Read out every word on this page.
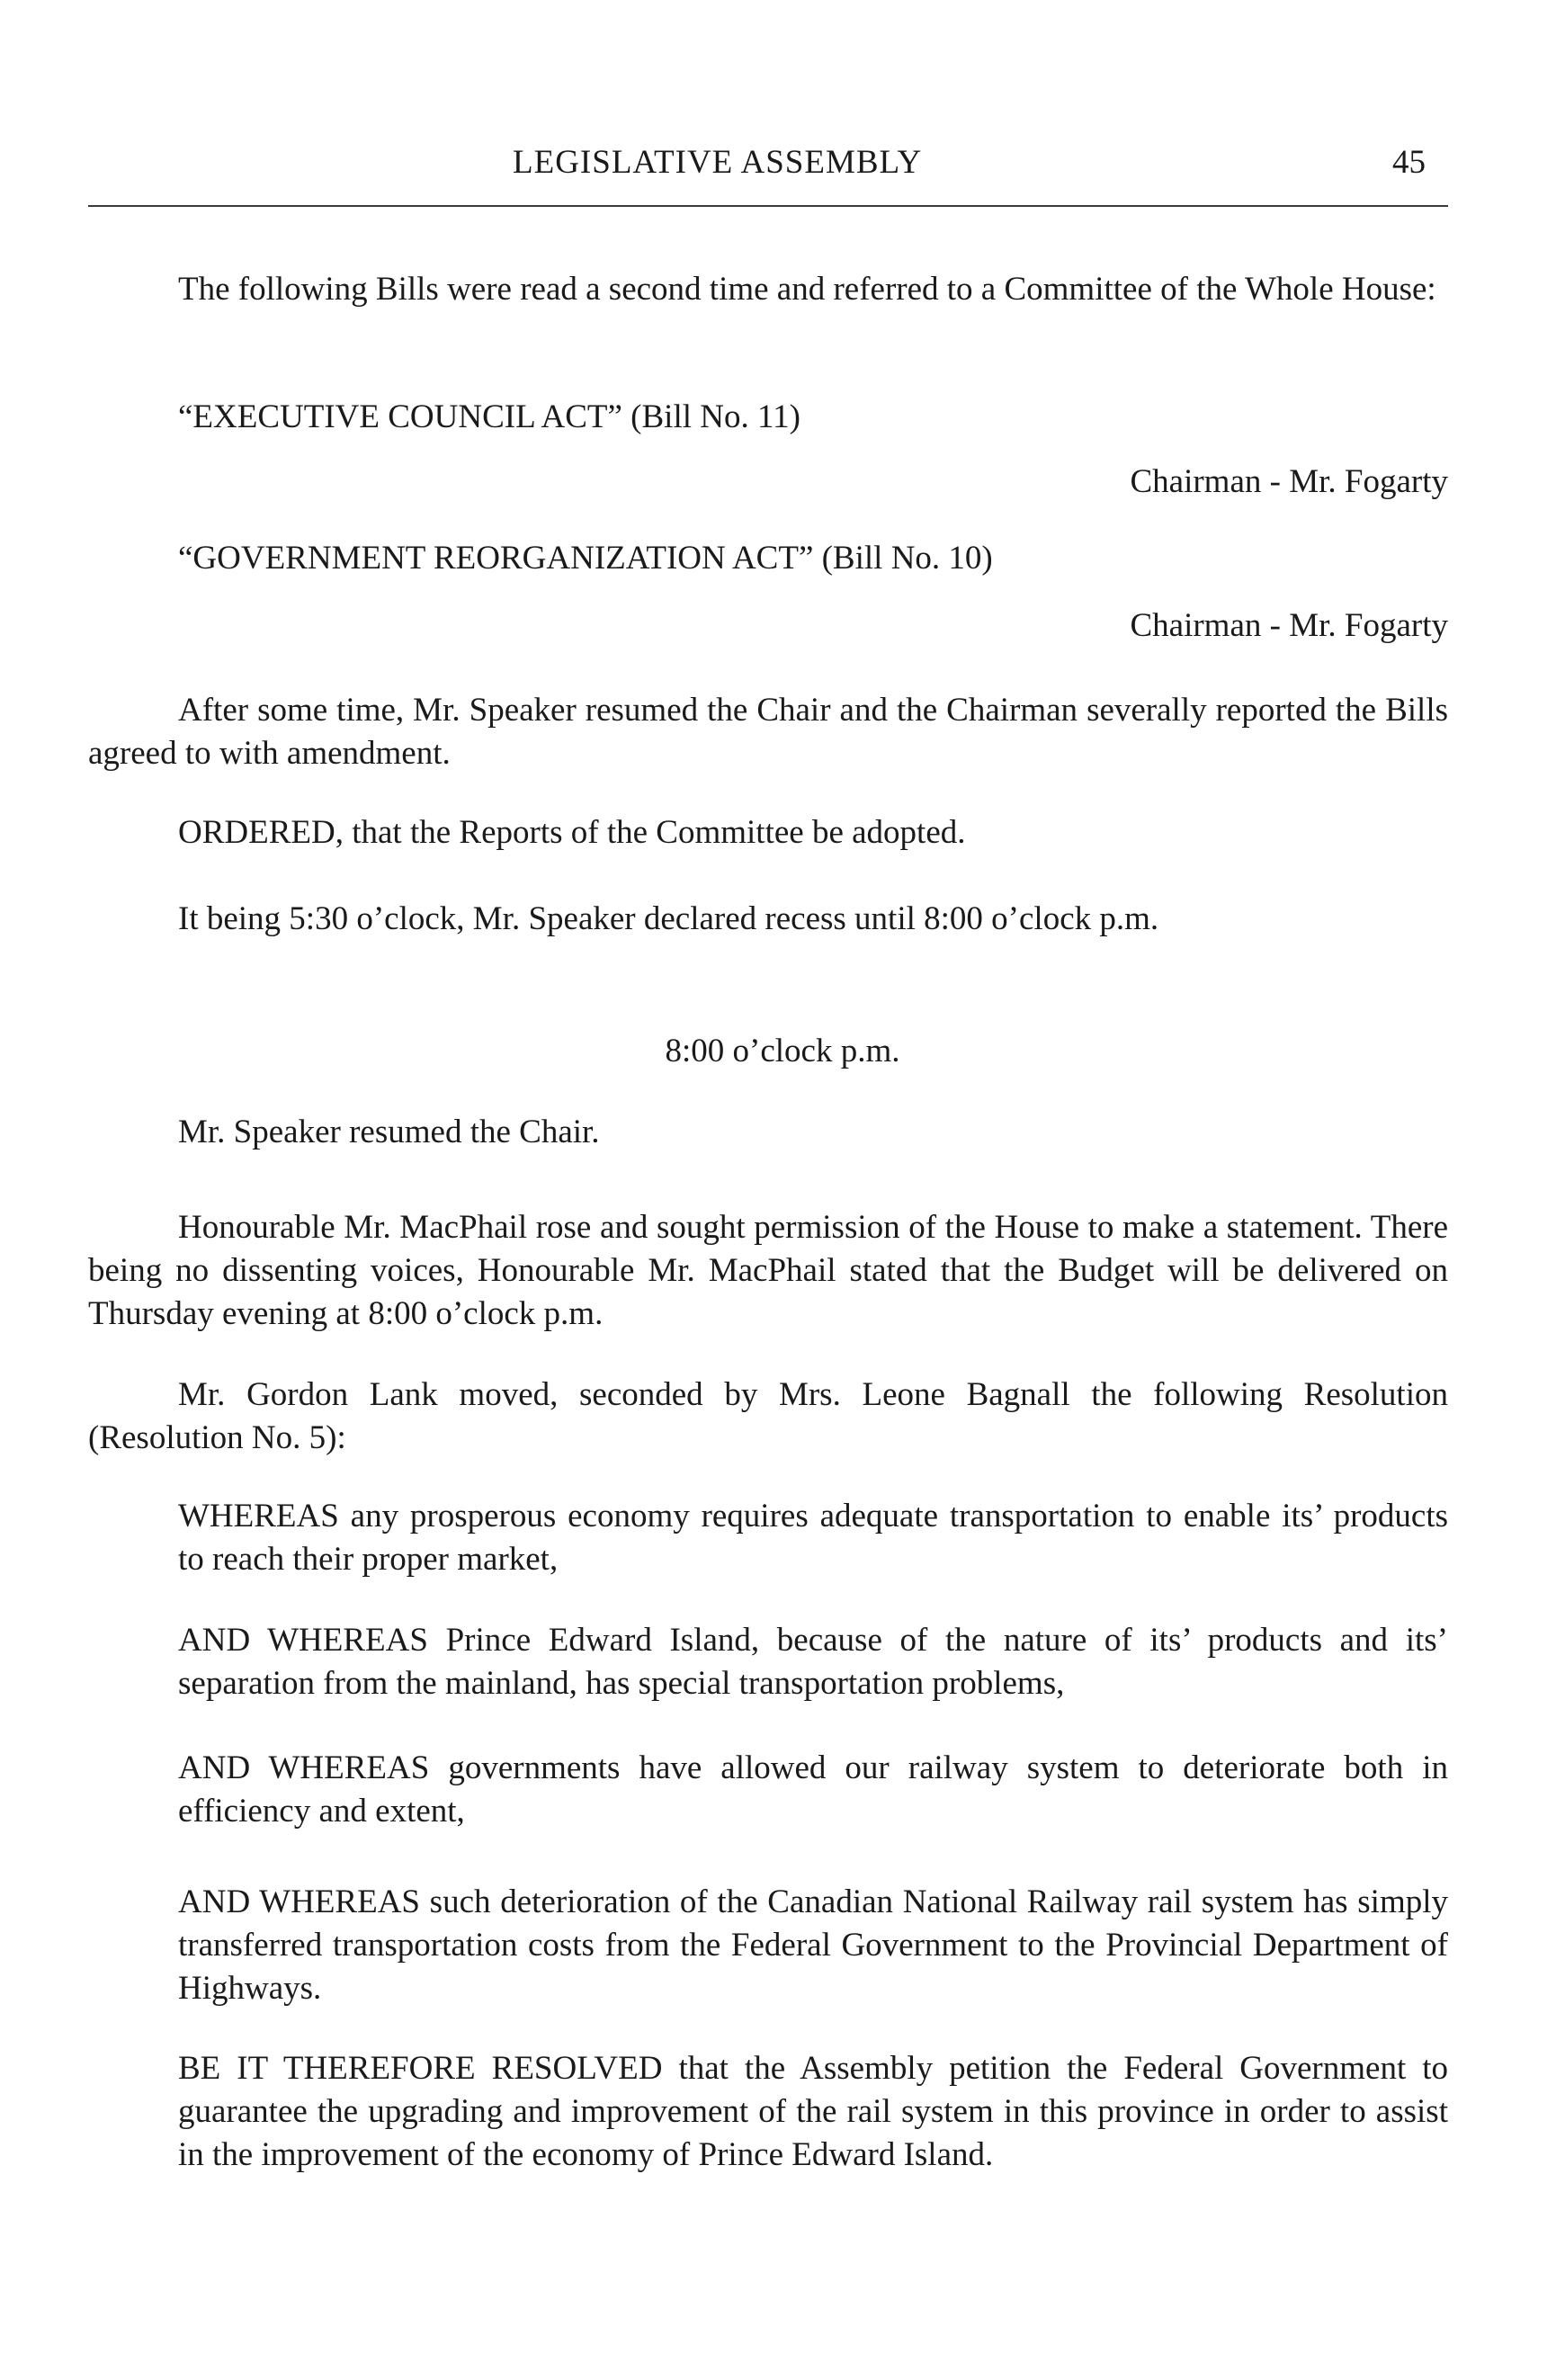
LEGISLATIVE ASSEMBLY	45

The following Bills were read a second time and referred to a Committee of the Whole House:

“EXECUTIVE COUNCIL ACT” (Bill No. 11)

Chairman - Mr. Fogarty

“GOVERNMENT REORGANIZATION ACT” (Bill No. 10)

Chairman - Mr. Fogarty

After some time, Mr. Speaker resumed the Chair and the Chairman severally reported the Bills agreed to with amendment.

ORDERED, that the Reports of the Committee be adopted.

It being 5:30 o’clock, Mr. Speaker declared recess until 8:00 o’clock p.m.

8:00 o’clock p.m.

Mr. Speaker resumed the Chair.

Honourable Mr. MacPhail rose and sought permission of the House to make a statement. There being no dissenting voices, Honourable Mr. MacPhail stated that the Budget will be delivered on Thursday evening at 8:00 o’clock p.m.

Mr. Gordon Lank moved, seconded by Mrs. Leone Bagnall the following Resolution (Resolution No. 5):

WHEREAS any prosperous economy requires adequate transportation to enable its’ products to reach their proper market,

AND WHEREAS Prince Edward Island, because of the nature of its’ products and its’ separation from the mainland, has special transportation problems,

AND WHEREAS governments have allowed our railway system to deteriorate both in efficiency and extent,

AND WHEREAS such deterioration of the Canadian National Railway rail system has simply transferred transportation costs from the Federal Government to the Provincial Department of Highways.

BE IT THEREFORE RESOLVED that the Assembly petition the Federal Government to guarantee the upgrading and improvement of the rail system in this province in order to assist in the improvement of the economy of Prince Edward Island.
